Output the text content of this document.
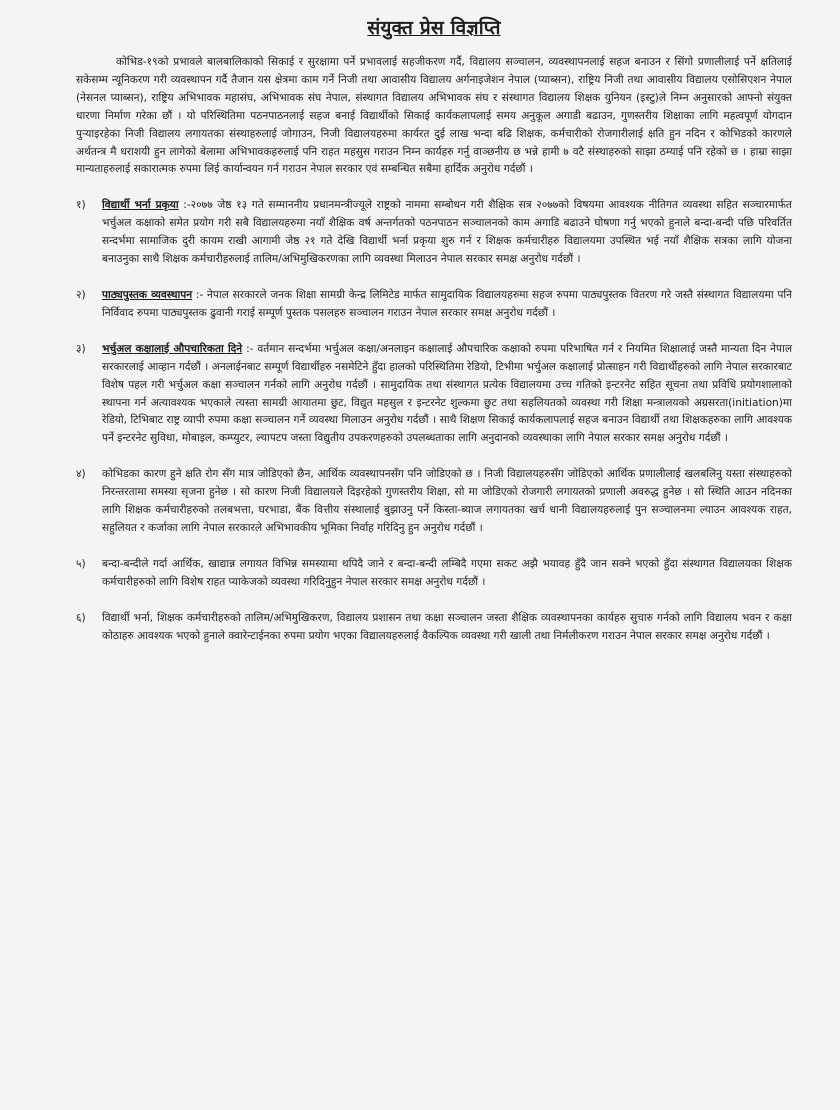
संयुक्त प्रेस विज्ञप्ति

कोभिड-१९को प्रभावले बालबालिकाको सिकाई र सुरक्षामा पर्ने प्रभावलाई सहजीकरण गर्दै, विद्यालय सञ्चालन, व्यवस्थापनलाई सहज बनाउन र सिंगो प्रणालीलाई पर्ने क्षतिलाई सकेसम्म न्यूनिकरण गरी व्यवस्थापन गर्दै तैजान यस क्षेत्रमा काम गर्ने निजी तथा आवासीय विद्यालय अर्गनाइजेशन नेपाल (प्याब्सन), राष्ट्रिय निजी तथा आवासीय विद्यालय एसोसिएशन नेपाल (नेसनल प्याब्सन), राष्ट्रिय अभिभावक महासंघ, अभिभावक संघ नेपाल, संस्थागत विद्यालय अभिभावक संघ र संस्थागत विद्यालय शिक्षक युनियन (इस्टु)ले निम्न अनुसारको आफ्नो संयुक्त धारणा निर्माण गरेका छौं । यो परिस्थितिमा पठनपाठनलाई सहज बनाई विद्यार्थीको सिकाई कार्यकलापलाई समय अनुकूल अगाडी बढाउन, गुणस्तरीय शिक्षाका लागि महत्वपूर्ण योगदान पुऱ्याइरहेका निजी विद्यालय लगायतका संस्थाहरुलाई जोगाउन, निजी विद्यालयहरुमा कार्यरत दुई लाख भन्दा बढि शिक्षक, कर्मचारीको रोजगारीलाई क्षति हुन नदिन र कोभिडको कारणले अर्थतन्त्र मै धराशयी हुन लागेको बेलामा अभिभावकहरुलाई पनि राहत महसुस गराउन निम्न कार्यहरु गर्नु वाञ्छनीय छ भन्ने हामी ७ वटै संस्थाहरुको साझा ठम्याई पनि रहेको छ । हाम्रा साझा मान्यताहरुलाई सकारात्मक रुपमा लिई कार्यान्वयन गर्न गराउन नेपाल सरकार एवं सम्बन्धित सबैमा हार्दिक अनुरोध गर्दछौं ।

१)	विद्यार्थी भर्ना प्रकृया :-२०७७ जेष्ठ १३ गते सम्माननीय प्रधानमन्त्रीज्यूले राष्ट्रको नाममा सम्बोधन गरी शैक्षिक सत्र २०७७को विषयमा आवश्यक नीतिगत व्यवस्था सहित सञ्चारमार्फत भर्चुअल कक्षाको समेत प्रयोग गरी सबै विद्यालयहरुमा नयाँ शैक्षिक वर्ष अन्तर्गतको पठनपाठन सञ्चालनको काम अगाडि बढाउने घोषणा गर्नु भएको हुनाले बन्दा-बन्दी पछि परिवर्तित सन्दर्भमा सामाजिक दुरी कायम राखी आगामी जेष्ठ २१ गते देखि विद्यार्थी भर्ना प्रकृया शुरु गर्न र शिक्षक कर्मचारीहरु विद्यालयमा उपस्थित भई नयाँ शैक्षिक सत्रका लागि योजना बनाउनुका साथै शिक्षक कर्मचारीहरुलाई तालिम/अभिमुखिकरणका लागि व्यवस्था मिलाउन नेपाल सरकार समक्ष अनुरोध गर्दछौं ।
२)	पाठ्यपुस्तक व्यवस्थापन :- नेपाल सरकारले जनक शिक्षा सामग्री केन्द्र लिमिटेड मार्फत सामुदायिक विद्यालयहरुमा सहज रुपमा पाठ्यपुस्तक वितरण गरे जस्तै संस्थागत विद्यालयमा पनि निर्विवाद रुपमा पाठ्यपुस्तक ढुवानी गराई सम्पूर्ण पुस्तक पसलहरु सञ्चालन गराउन नेपाल सरकार समक्ष अनुरोध गर्दछौं ।
३)	भर्चुअल कक्षालाई औपचारिकता दिने :- वर्तमान सन्दर्भमा भर्चुअल कक्षा/अनलाइन कक्षालाई औपचारिक कक्षाको रुपमा परिभाषित गर्न र नियमित शिक्षालाई जस्तै मान्यता दिन नेपाल सरकारलाई आव्हान गर्दछौं । अनलाईनबाट सम्पूर्ण विद्यार्थीहरु नसमेटिने हुँदा हालको परिस्थितिमा रेडियो, टिभीमा भर्चुअल कक्षालाई प्रोत्साहन गरी विद्यार्थीहरुको लागि नेपाल सरकारबाट विशेष पहल गरी भर्चुअल कक्षा सञ्चालन गर्नको लागि अनुरोध गर्दछौं । सामुदायिक तथा संस्थागत प्रत्येक विद्यालयमा उच्च गतिको इन्टरनेट सहित सूचना तथा प्रविधि प्रयोगशालाको स्थापना गर्न अत्यावश्यक भएकाले त्यस्ता सामग्री आयातमा छुट, विद्युत महसुल र इन्टरनेट शुल्कमा छुट तथा सहलियतको व्यवस्था गरी शिक्षा मन्त्रालयको अग्रसरता(initiation)मा रेडियो, टिभिबाट राष्ट्र व्यापी रुपमा कक्षा सञ्चालन गर्ने व्यवस्था मिलाउन अनुरोध गर्दछौं । साथै शिक्षण सिकाई कार्यकलापलाई सहज बनाउन विद्यार्थी तथा शिक्षकहरुका लागि आवश्यक पर्ने इन्टरनेट सुविधा, मोबाइल, कम्प्युटर, ल्यापटप जस्ता विद्युतीय उपकरणहरुको उपलब्धताका लागि अनुदानको व्यवस्थाका लागि नेपाल सरकार समक्ष अनुरोध गर्दछौं ।
४)	कोभिडका कारण हुने क्षति रोग सँग मात्र जोडिएको छैन, आर्थिक व्यवस्थापनसँग पनि जोडिएको छ । निजी विद्यालयहरुसँग जोडिएको आर्थिक प्रणालीलाई खलबलिनु यस्ता संस्थाहरुको निरन्तरतामा समस्या सृजना हुनेछ । सो कारण निजी विद्यालयले दिइरहेको गुणस्तरीय शिक्षा, सो मा जोडिएको रोजगारी लगायतको प्रणाली अवरुद्ध हुनेछ । सो स्थिति आउन नदिनका लागि शिक्षक कर्मचारीहरुको तलबभत्ता, घरभाडा, बैंक वित्तीय संस्थालाई बुझाउनु पर्ने किस्ता-ब्याज लगायतका खर्च धानी विद्यालयहरुलाई पुन सञ्चालनमा ल्याउन आवश्यक राहत, सहुलियत र कर्जाका लागि नेपाल सरकारले अभिभावकीय भूमिका निर्वाह गरिदिनु हुन अनुरोध गर्दछौं ।
५)	बन्दा-बन्दीले गर्दा आर्थिक, खाद्यान्न लगायत विभिन्न समस्यामा थपिदै जाने र बन्दा-बन्दी लम्बिदै गएमा सकट अझै भयावह हुँदै जान सक्ने भएको हुँदा संस्थागत विद्यालयका शिक्षक कर्मचारीहरुको लागि विशेष राहत प्याकेजको व्यवस्था गरिदिनुहुन नेपाल सरकार समक्ष अनुरोध गर्दछौं ।
६)	विद्यार्थी भर्ना, शिक्षक कर्मचारीहरुको तालिम/अभिमुखिकरण, विद्यालय प्रशासन तथा कक्षा सञ्चालन जस्ता शैक्षिक व्यवस्थापनका कार्यहरु सुचारु गर्नको लागि विद्यालय भवन र कक्षा कोठाहरु आवश्यक भएको हुनाले क्वारेन्टाईनका रुपमा प्रयोग भएका विद्यालयहरुलाई वैकल्पिक व्यवस्था गरी खाली तथा निर्मलीकरण गराउन नेपाल सरकार समक्ष अनुरोध गर्दछौं ।
